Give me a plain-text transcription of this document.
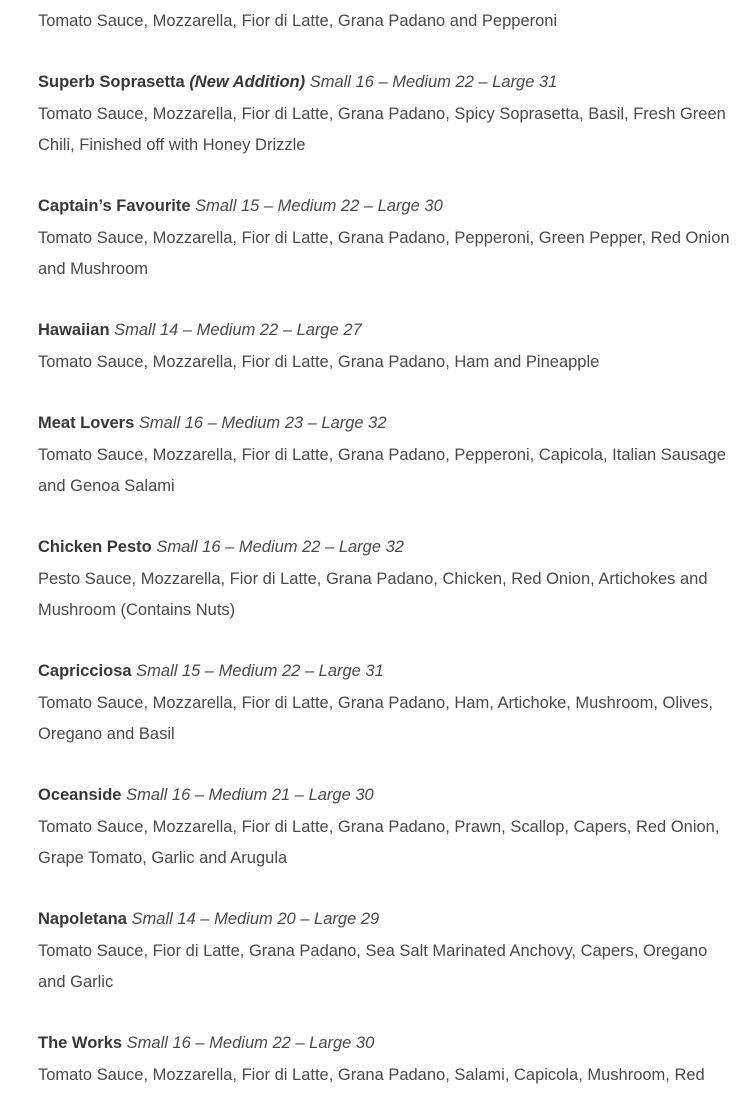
Tomato Sauce, Mozzarella, Fior di Latte, Grana Padano and Pepperoni

Superb Soprasetta (New Addition) Small 16 – Medium 22 – Large 31

Tomato Sauce, Mozzarella, Fior di Latte, Grana Padano, Spicy Soprasetta, Basil, Fresh Green Chili, Finished off with Honey Drizzle

Captain’s Favourite Small 15 – Medium 22 – Large 30

Tomato Sauce, Mozzarella, Fior di Latte, Grana Padano, Pepperoni, Green Pepper, Red Onion and Mushroom

Hawaiian Small 14 – Medium 22 – Large 27

Tomato Sauce, Mozzarella, Fior di Latte, Grana Padano, Ham and Pineapple

Meat Lovers Small 16 – Medium 23 – Large 32

Tomato Sauce, Mozzarella, Fior di Latte, Grana Padano, Pepperoni, Capicola, Italian Sausage and Genoa Salami

Chicken Pesto Small 16 – Medium 22 – Large 32

Pesto Sauce, Mozzarella, Fior di Latte, Grana Padano, Chicken, Red Onion, Artichokes and Mushroom (Contains Nuts)

Capricciosa Small 15 – Medium 22 – Large 31

Tomato Sauce, Mozzarella, Fior di Latte, Grana Padano, Ham, Artichoke, Mushroom, Olives, Oregano and Basil

Oceanside Small 16 – Medium 21 – Large 30

Tomato Sauce, Mozzarella, Fior di Latte, Grana Padano, Prawn, Scallop, Capers, Red Onion, Grape Tomato, Garlic and Arugula

Napoletana Small 14 – Medium 20 – Large 29

Tomato Sauce, Fior di Latte, Grana Padano, Sea Salt Marinated Anchovy, Capers, Oregano and Garlic

The Works Small 16 – Medium 22 – Large 30

Tomato Sauce, Mozzarella, Fior di Latte, Grana Padano, Salami, Capicola, Mushroom, Red
